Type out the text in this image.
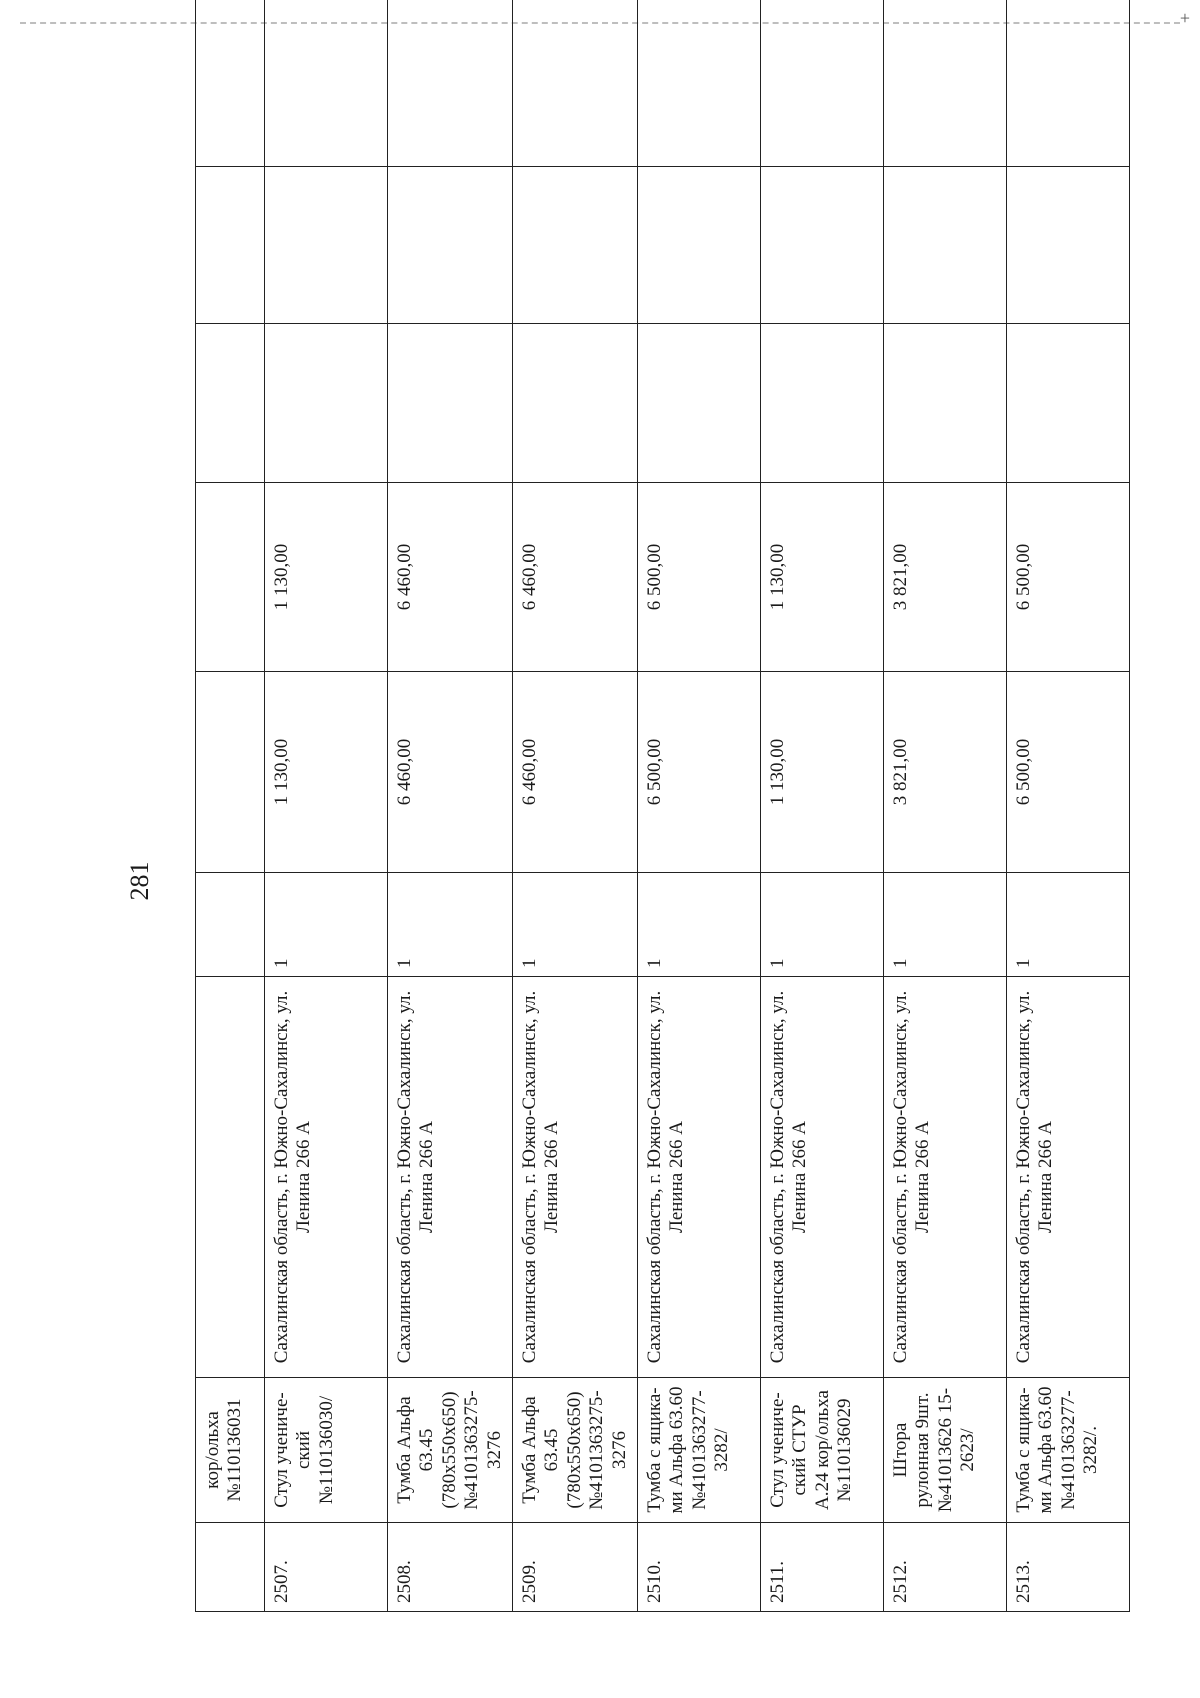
+
281
	кор/ольха №110136031							
2507.	Стул учениче-ский №110136030/	Сахалинская область, г. Южно-Сахалинск, ул. Ленина 266 А	1	1 130,00	1 130,00			
2508.	Тумба Альфа 63.45 (780x550x650) №4101363275-3276	Сахалинская область, г. Южно-Сахалинск, ул. Ленина 266 А	1	6 460,00	6 460,00			
2509.	Тумба Альфа 63.45 (780x550x650) №4101363275-3276	Сахалинская область, г. Южно-Сахалинск, ул. Ленина 266 А	1	6 460,00	6 460,00			
2510.	Тумба с ящика-ми Альфа 63.60 №4101363277-3282/	Сахалинская область, г. Южно-Сахалинск, ул. Ленина 266 А	1	6 500,00	6 500,00			
2511.	Стул учениче-ский СТУР А.24 кор/ольха №110136029	Сахалинская область, г. Южно-Сахалинск, ул. Ленина 266 А	1	1 130,00	1 130,00			
2512.	Штора рулонная 9шт.№41013626 15-2623/	Сахалинская область, г. Южно-Сахалинск, ул. Ленина 266 А	1	3 821,00	3 821,00			
2513.	Тумба с ящика-ми Альфа 63.60 №4101363277-3282/.	Сахалинская область, г. Южно-Сахалинск, ул. Ленина 266 А	1	6 500,00	6 500,00			
